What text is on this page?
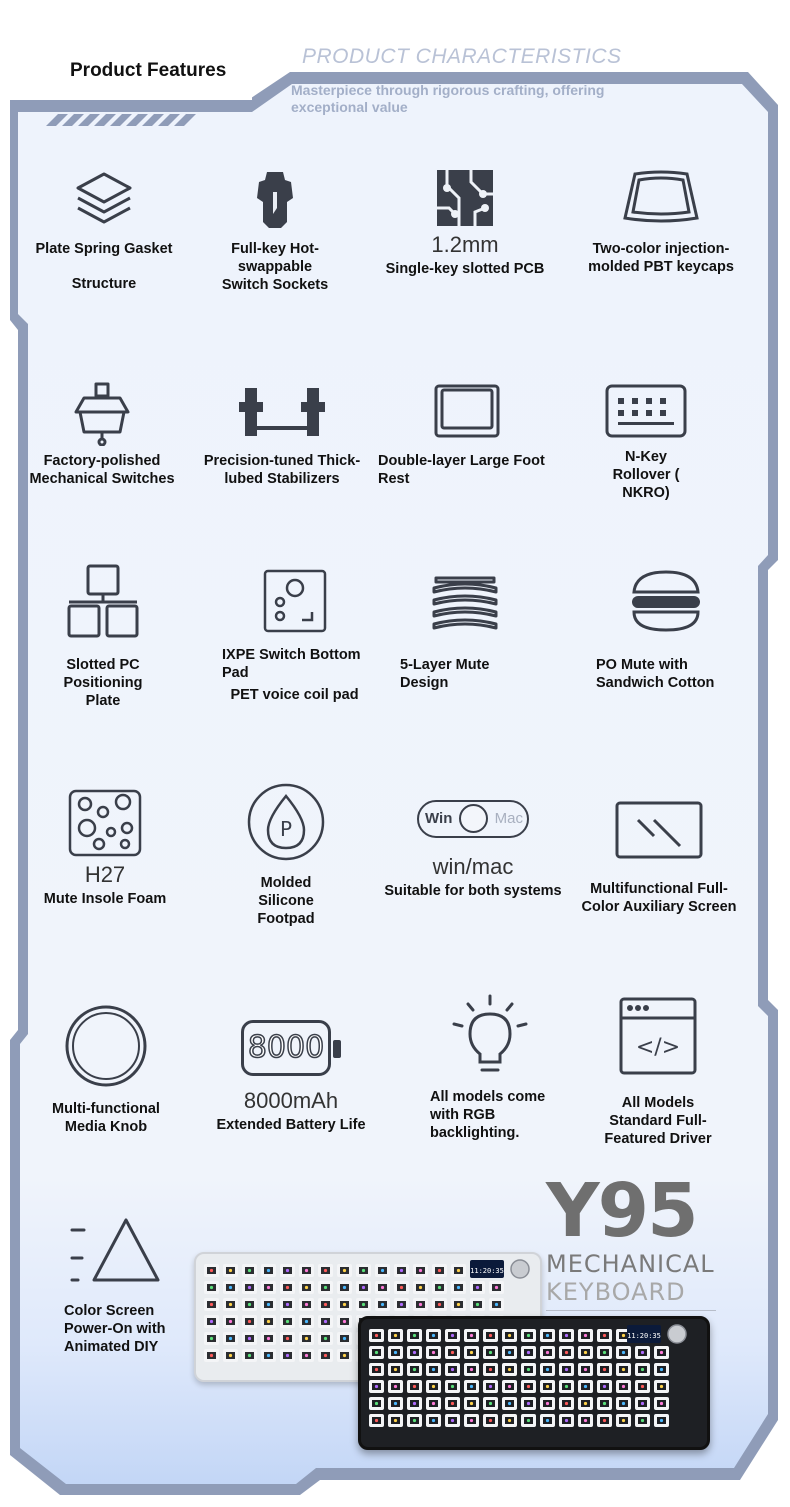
Product Features
PRODUCT CHARACTERISTICS
Masterpiece through rigorous crafting, offering exceptional value
Plate Spring Gasket
Structure
Full-key Hot-
swappable
Switch Sockets
1.2mm
Single-key slotted PCB
Two-color injection-
molded PBT keycaps
Factory-polished
Mechanical Switches
Precision-tuned Thick-
lubed Stabilizers
Double-layer Large Foot
Rest
N-Key
Rollover (
NKRO)
Slotted PC
Positioning
Plate
IXPE Switch Bottom
Pad
PET voice coil pad
5-Layer Mute
Design
PO Mute with
Sandwich Cotton
H27
Mute Insole Foam
P
Molded
Silicone
Footpad
Win	Mac
win/mac
Suitable for both systems	Multifunctional Full-
Color Auxiliary Screen
Multi-functional
Media Knob
8000
8000mAh
Extended Battery Life
All models come
with RGB
backlighting.
</>
All Models
Standard Full-
Featured Driver
Color Screen
Power-On with
Animated DIY
Y95
MECHANICAL
KEYBOARD
11:20:35
11:20:35
